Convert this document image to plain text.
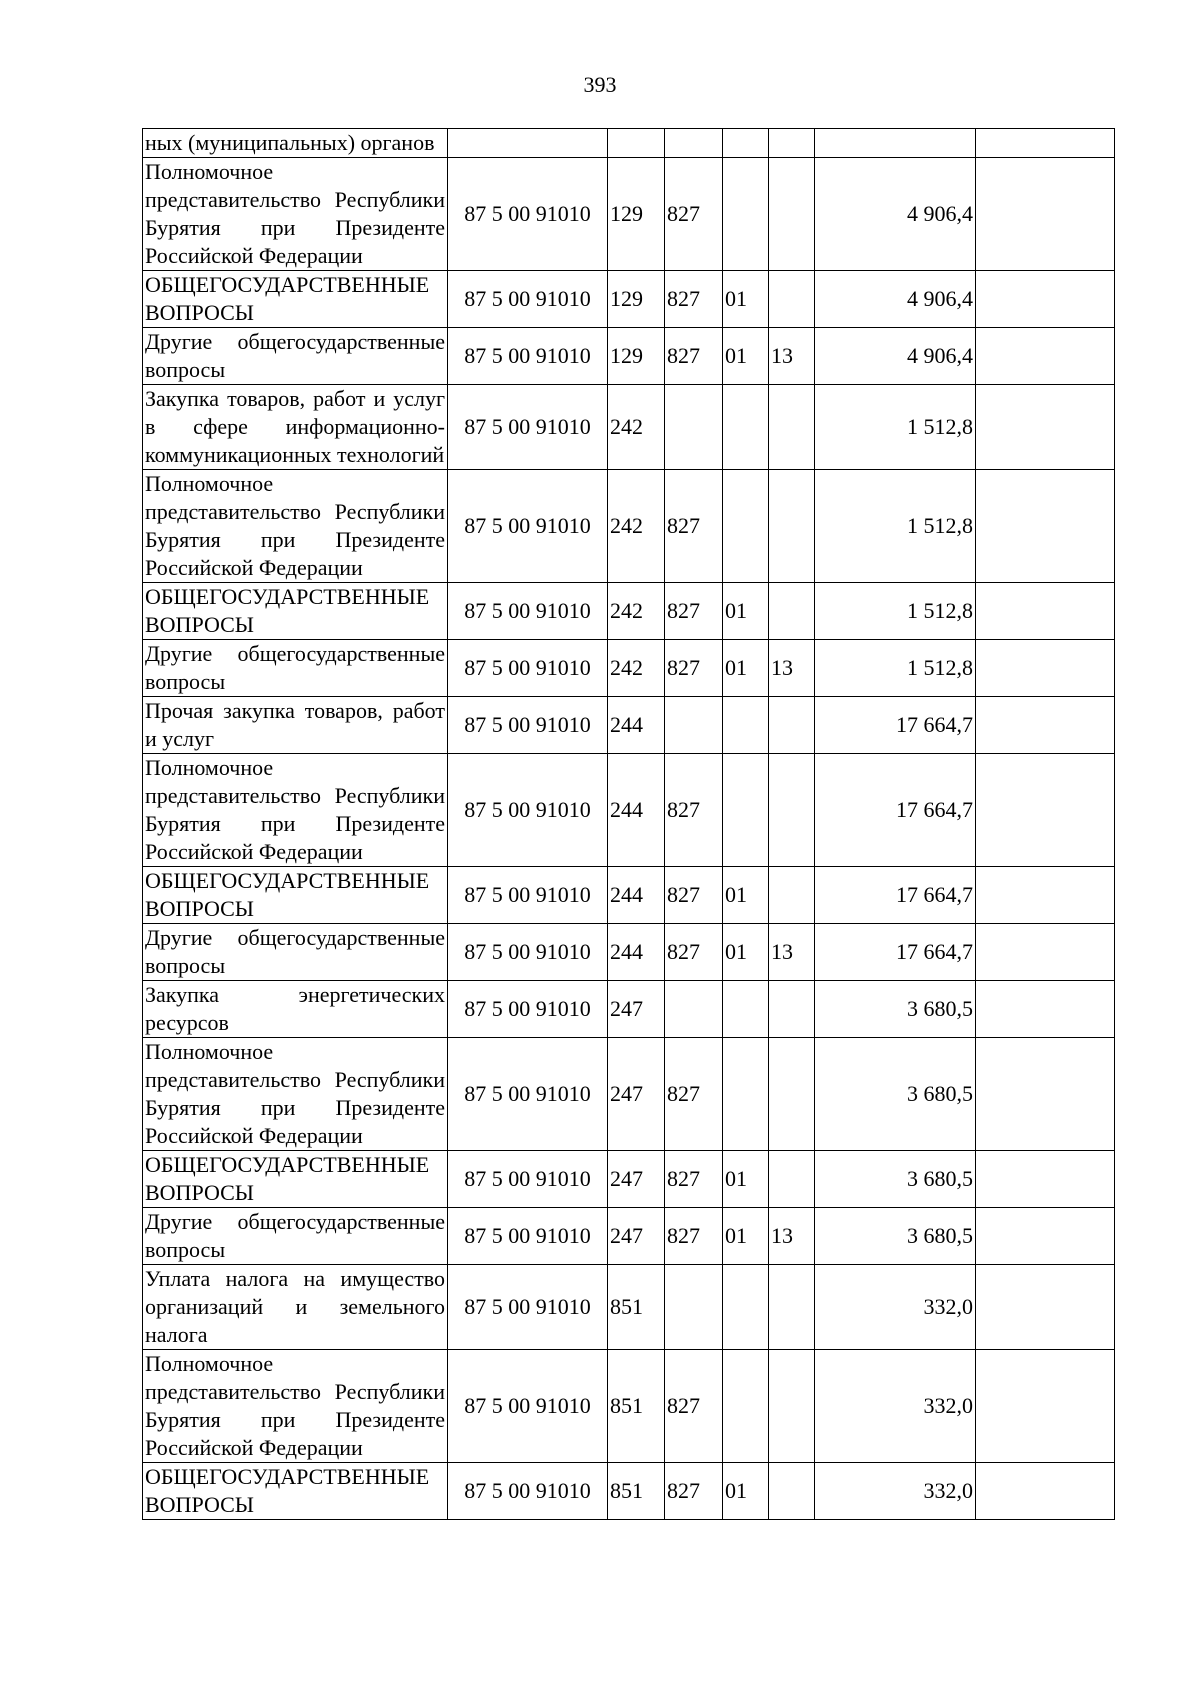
393
ных (муниципальных) органов							
Полномочное представительство Республики Бурятия при Президенте Российской Федерации	87 5 00 91010	129	827			4 906,4	
ОБЩЕГОСУДАРСТВЕННЫЕ ВОПРОСЫ	87 5 00 91010	129	827	01		4 906,4	
Другие общегосударственные вопросы	87 5 00 91010	129	827	01	13	4 906,4	
Закупка товаров, работ и услуг в сфере информационно-коммуникационных технологий	87 5 00 91010	242				1 512,8	
Полномочное представительство Республики Бурятия при Президенте Российской Федерации	87 5 00 91010	242	827			1 512,8	
ОБЩЕГОСУДАРСТВЕННЫЕ ВОПРОСЫ	87 5 00 91010	242	827	01		1 512,8	
Другие общегосударственные вопросы	87 5 00 91010	242	827	01	13	1 512,8	
Прочая закупка товаров, работ и услуг	87 5 00 91010	244				17 664,7	
Полномочное представительство Республики Бурятия при Президенте Российской Федерации	87 5 00 91010	244	827			17 664,7	
ОБЩЕГОСУДАРСТВЕННЫЕ ВОПРОСЫ	87 5 00 91010	244	827	01		17 664,7	
Другие общегосударственные вопросы	87 5 00 91010	244	827	01	13	17 664,7	
Закупка энергетических ресурсов	87 5 00 91010	247				3 680,5	
Полномочное представительство Республики Бурятия при Президенте Российской Федерации	87 5 00 91010	247	827			3 680,5	
ОБЩЕГОСУДАРСТВЕННЫЕ ВОПРОСЫ	87 5 00 91010	247	827	01		3 680,5	
Другие общегосударственные вопросы	87 5 00 91010	247	827	01	13	3 680,5	
Уплата налога на имущество организаций и земельного налога	87 5 00 91010	851				332,0	
Полномочное представительство Республики Бурятия при Президенте Российской Федерации	87 5 00 91010	851	827			332,0	
ОБЩЕГОСУДАРСТВЕННЫЕ ВОПРОСЫ	87 5 00 91010	851	827	01		332,0	
